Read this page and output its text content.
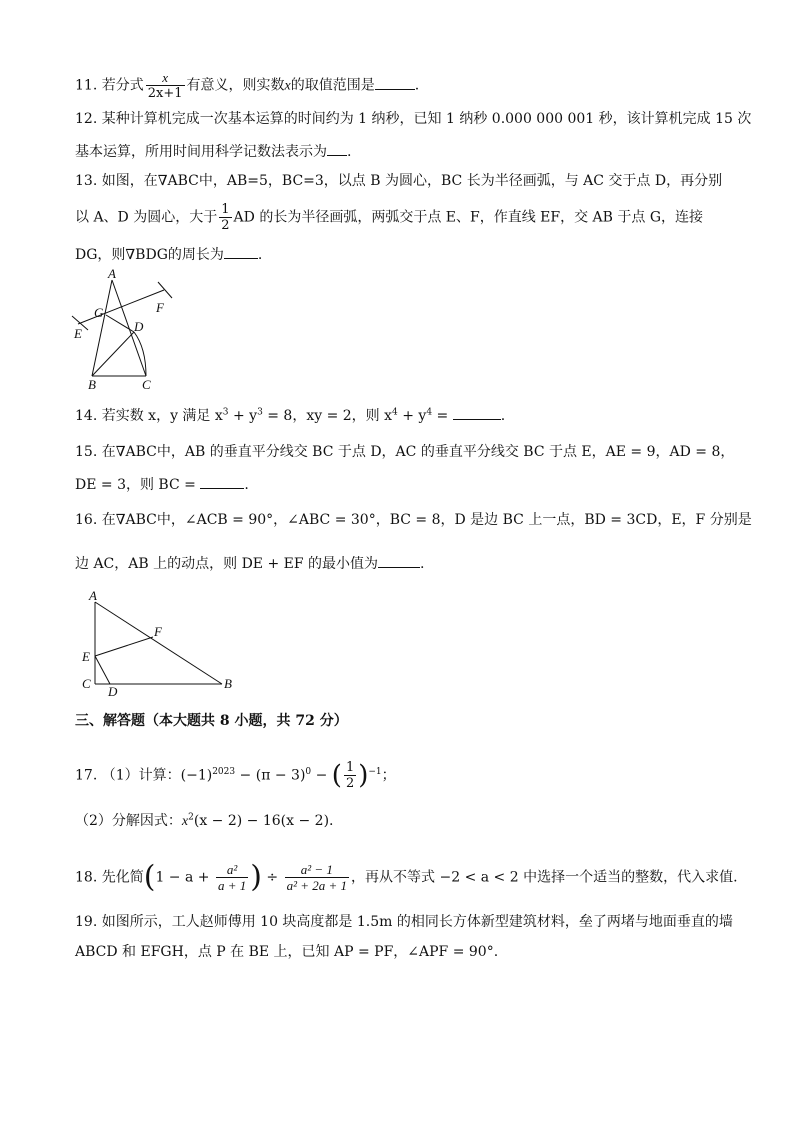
11. 若分式 $\frac{x}{2x+1}$ 有意义，则实数x的取值范围是	.
12. 某种计算机完成一次基本运算的时间约为 1 纳秒，已知 1 纳秒 0.000 000 001 秒，该计算机完成 15 次
基本运算，所用时间用科学记数法表示为 .
13. 如图，在∇ABC中，AB=5，BC=3，以点 B 为圆心，BC 长为半径画弧，与 AC 交于点 D，再分别
以 A、D 为圆心，大于 $\frac{1}{2}$ AD 的长为半径画弧，两弧交于点 E、F，作直线 EF，交 AB 于点 G，连接
DG，则∇BDG的周长为 .
A
B	C
D
E
F
G
14. 若实数 x，y 满足 $x^3 + y^3 = 8$，xy = 2，则 $x^4 + y^4$ =	.
15. 在∇ABC中，AB 的垂直平分线交 BC 于点 D，AC 的垂直平分线交 BC 于点 E，AE = 9，AD = 8，
DE = 3，则 BC =	.
16. 在∇ABC中，∠ACB = 90°，∠ABC = 30°，BC = 8，D 是边 BC 上一点，BD = 3CD，E，F 分别是
边 AC，AB 上的动点，则 DE + EF 的最小值为	.
A
B
C
D
E
F
三、解答题（本大题共 8 小题，共 72 分）
17. （1）计算：$(-1)^{2023} - (\pi - 3)^0$ − ( $\frac{1}{2} )^{-1}$；
（2）分解因式：$x^2(x - 2) - 16(x - 2)$.
18. 先化简($1 - a + \frac{\text{a²}}{a + 1}$ ) ÷ $\frac{\text{a² − 1}}{\text{a² + 2a + 1}}$ ，再从不等式 −2 < a < 2 中选择一个适当的整数，代入求值.
19. 如图所示，工人赵师傅用 10 块高度都是 1.5m 的相同长方体新型建筑材料，垒了两堵与地面垂直的墙
ABCD 和 EFGH，点 P 在 BE 上，已知 AP = PF，∠APF = 90°.
